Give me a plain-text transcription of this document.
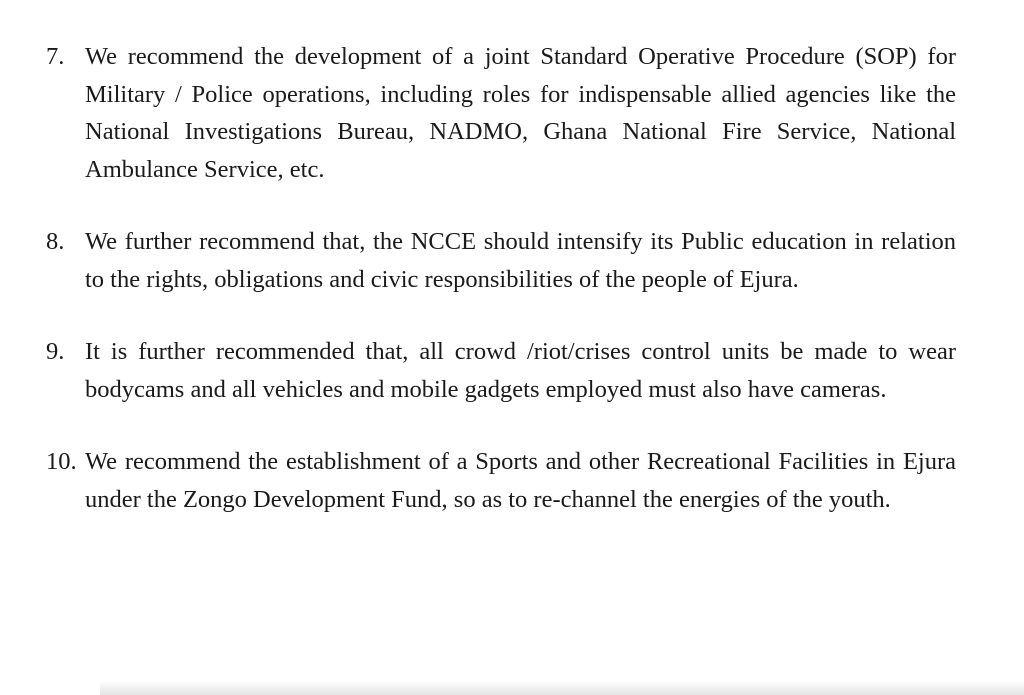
7. We recommend the development of a joint Standard Operative Procedure (SOP) for Military / Police operations, including roles for indispensable allied agencies like the National Investigations Bureau, NADMO, Ghana National Fire Service, National Ambulance Service, etc.
8. We further recommend that, the NCCE should intensify its Public education in relation to the rights, obligations and civic responsibilities of the people of Ejura.
9. It is further recommended that, all crowd /riot/crises control units be made to wear bodycams and all vehicles and mobile gadgets employed must also have cameras.
10. We recommend the establishment of a Sports and other Recreational Facilities in Ejura under the Zongo Development Fund, so as to re-channel the energies of the youth.
